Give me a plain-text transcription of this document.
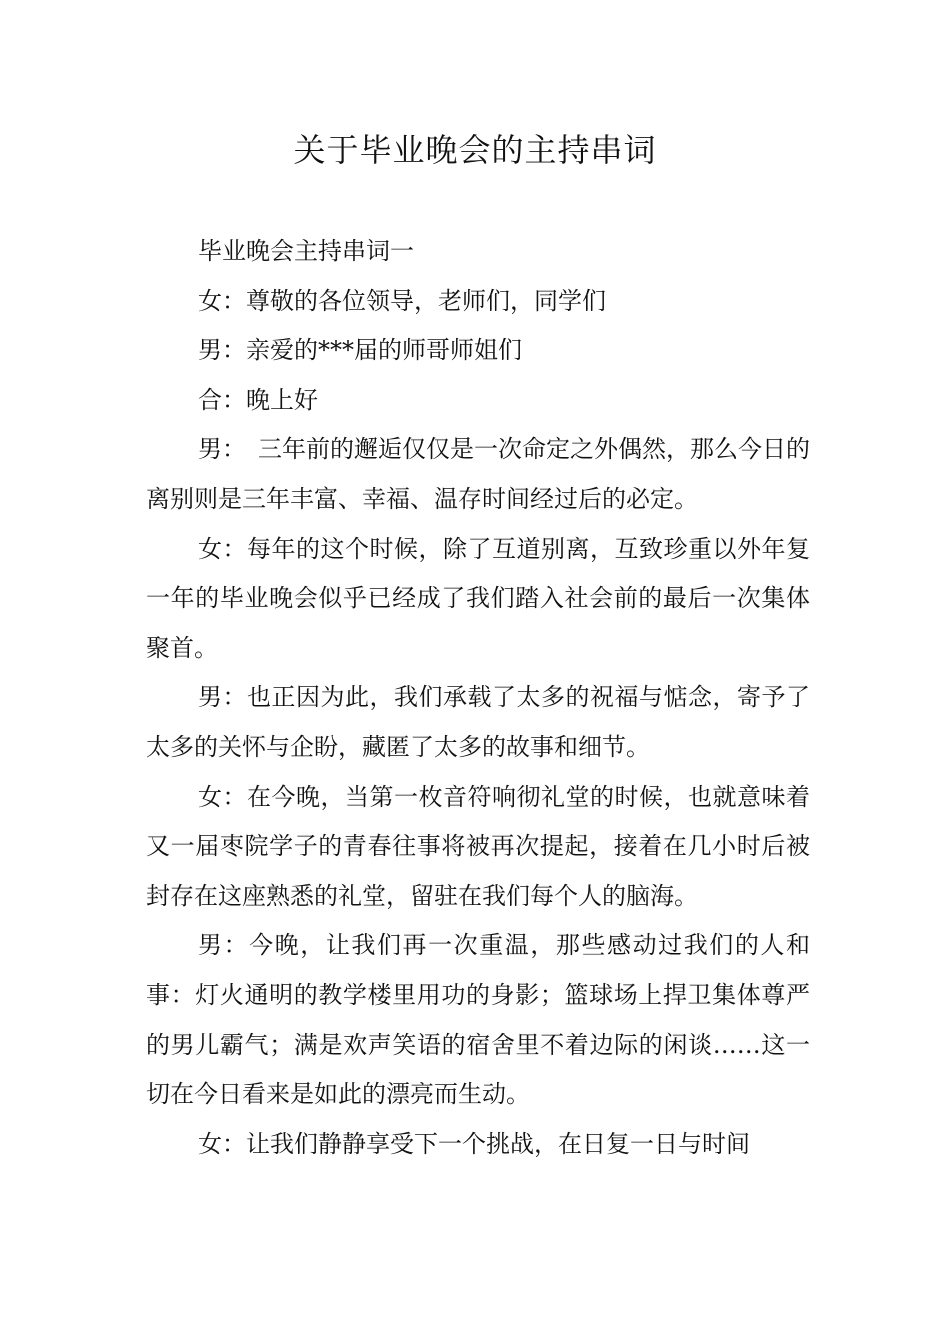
关于毕业晚会的主持串词

毕业晚会主持串词一

女：尊敬的各位领导，老师们，同学们

男：亲爱的***届的师哥师姐们

合：晚上好

男：　三年前的邂逅仅仅是一次命定之外偶然，那么今日的离别则是三年丰富、幸福、温存时间经过后的必定。

女：每年的这个时候，除了互道别离，互致珍重以外年复一年的毕业晚会似乎已经成了我们踏入社会前的最后一次集体聚首。

男：也正因为此，我们承载了太多的祝福与惦念，寄予了太多的关怀与企盼，藏匿了太多的故事和细节。

女：在今晚，当第一枚音符响彻礼堂的时候，也就意味着又一届枣院学子的青春往事将被再次提起，接着在几小时后被封存在这座熟悉的礼堂，留驻在我们每个人的脑海。

男：今晚，让我们再一次重温，那些感动过我们的人和事：灯火通明的教学楼里用功的身影；篮球场上捍卫集体尊严的男儿霸气；满是欢声笑语的宿舍里不着边际的闲谈……这一切在今日看来是如此的漂亮而生动。

女：让我们静静享受下一个挑战，在日复一日与时间
